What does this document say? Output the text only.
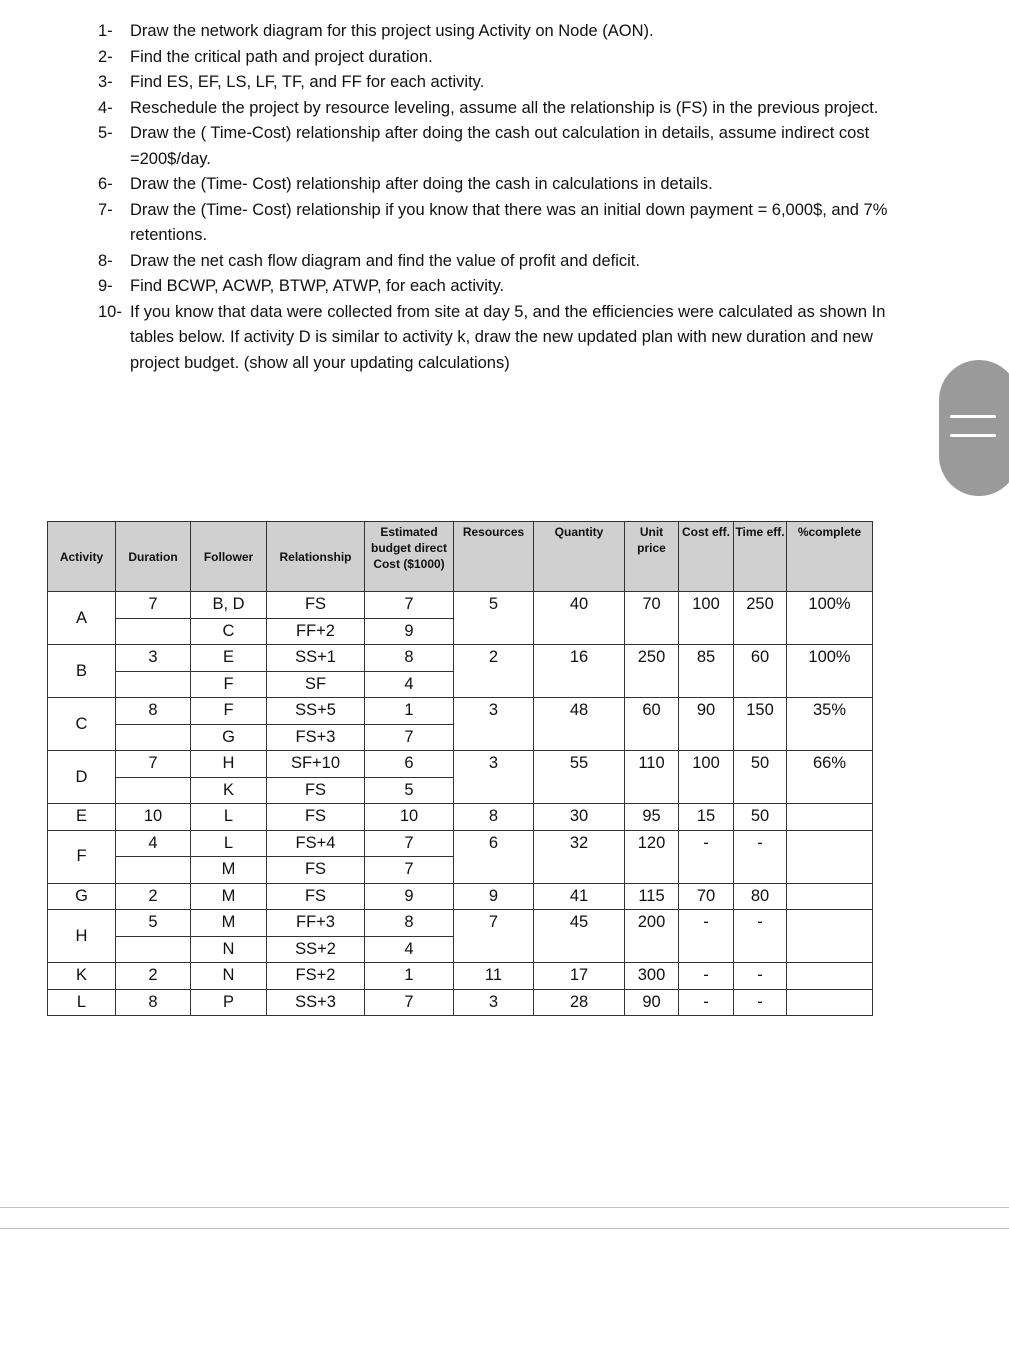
1-	Draw the network diagram for this project using Activity on Node (AON).
2-	Find the critical path and project duration.
3-	Find ES, EF, LS, LF, TF, and FF for each activity.
4-	Reschedule the project by resource leveling, assume all the relationship is (FS) in the previous project.
5-	Draw the ( Time-Cost) relationship after doing the cash out calculation in details, assume indirect cost =200$/day.
6-	Draw the (Time- Cost) relationship after doing the cash in calculations in details.
7-	Draw the (Time- Cost) relationship if you know that there was an initial down payment = 6,000$, and 7% retentions.
8-	Draw the net cash flow diagram and find the value of profit and deficit.
9-	Find BCWP, ACWP, BTWP, ATWP, for each activity.
10- If you know that data were collected from site at day 5, and the efficiencies were calculated as shown In tables below. If activity D is similar to activity k, draw the new updated plan with new duration and new project budget. (show all your updating calculations)
Activity	Duration	Follower	Relationship	Estimated budget direct Cost ($1000)	Resources	Quantity	Unit price	Cost eff.	Time eff.	%complete
A	7	B, D	FS	7	5	40	70	100	250	100%
		C	FF+2	9						
B	3	E	SS+1	8	2	16	250	85	60	100%
		F	SF	4						
C	8	F	SS+5	1	3	48	60	90	150	35%
		G	FS+3	7						
D	7	H	SF+10	6	3	55	110	100	50	66%
		K	FS	5						
E	10	L	FS	10	8	30	95	15	50	
F	4	L	FS+4	7	6	32	120	-	-	
		M	FS	7						
G	2	M	FS	9	9	41	115	70	80	
H	5	M	FF+3	8	7	45	200	-	-	
		N	SS+2	4						
K	2	N	FS+2	1	11	17	300	-	-	
L	8	P	SS+3	7	3	28	90	-	-	
